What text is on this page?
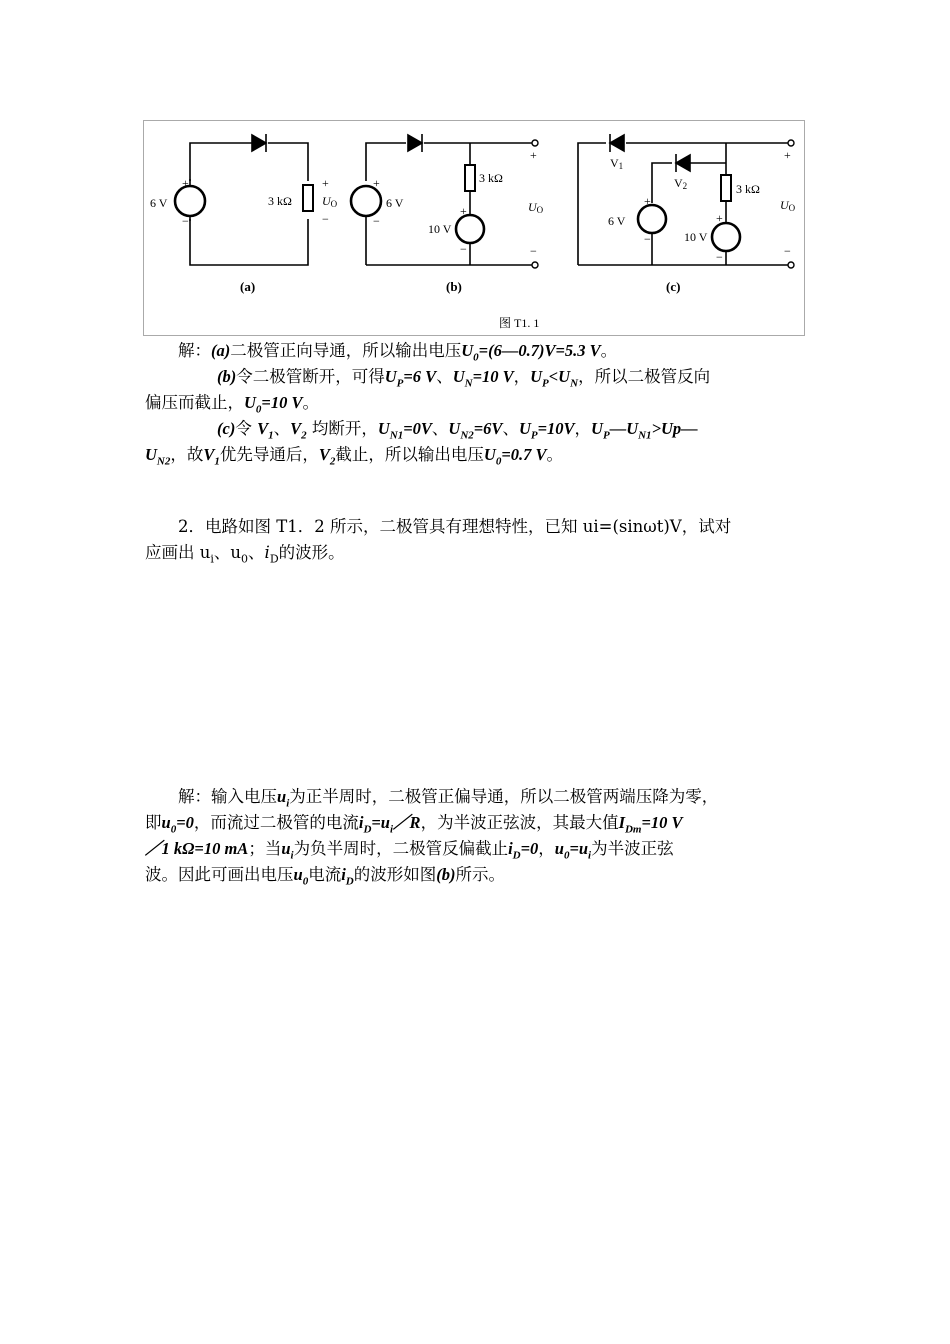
+
−
6 V	3 kΩ
+
UO
−
(a)
+
−
6 V
3 kΩ
+
−
10 V
+
UO
−
(b)
V1
V2
+
−
6 V
3 kΩ
+
−
10 V
+
UO
−
(c)
图 T1. 1
解：(a)二极管正向导通，所以输出电压$U_0=(6—0.7)V=5.3$ V。
(b)令二极管断开，可得$U_P=6$ V、$U_N=10$ V，$U_P<U_N$，所以二极管反向
偏压而截止，$U_0=10$ V。
(c)令 $V_1$、$V_2$ 均断开，$U_{N1}=0V$、$U_{N2}=6V$、$U_P=10V$，$U_P—U_{N1}>Up—$
$U_{N2}$，故$V_1$优先导通后，$V_2$截止，所以输出电压$U_0=0.7$ V。
2．电路如图 T1．2 所示，二极管具有理想特性，已知 ui=(sinωt)V，试对
应画出 $u_i$、$u_0$、$i_D$的波形。
解：输入电压$u_i$为正半周时，二极管正偏导通，所以二极管两端压降为零，
即$u_0=0$，而流过二极管的电流$i_D=u_i/R$，为半波正弦波，其最大值$I_{Dm}=10$ V
／1 kΩ=10 mA；当$u_i$为负半周时，二极管反偏截止$i_D=0$，$u_0=u_i$为半波正弦
波。因此可画出电压$u_0$电流$i_D$的波形如图(b)所示。
